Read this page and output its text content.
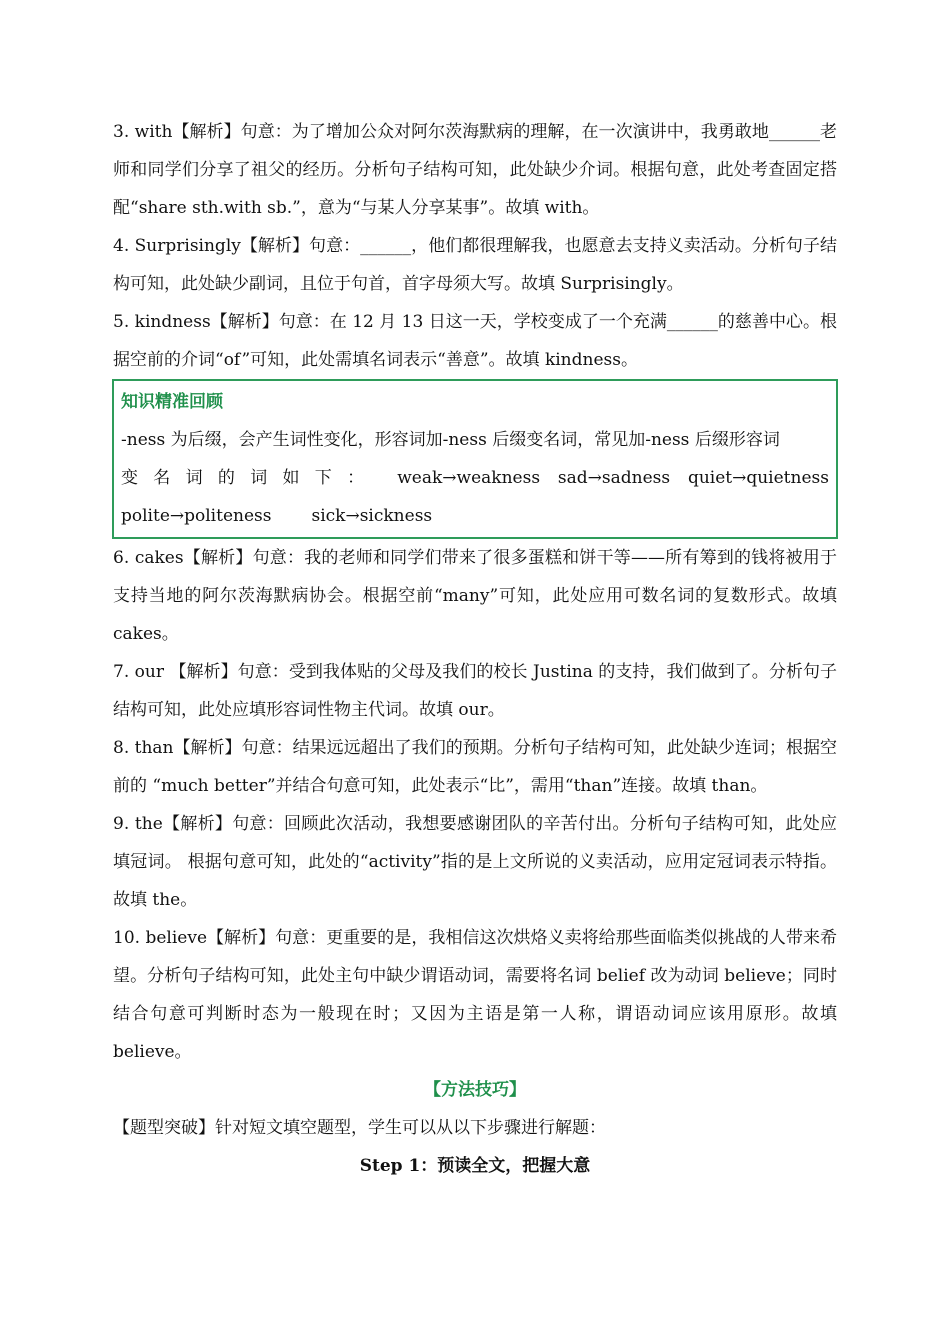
3. with【解析】句意：为了增加公众对阿尔茨海默病的理解，在一次演讲中，我勇敢地______老师和同学们分享了祖父的经历。分析句子结构可知，此处缺少介词。根据句意，此处考查固定搭配“share sth.with sb.”，意为“与某人分享某事”。故填 with。

4. Surprisingly【解析】句意：______，他们都很理解我，也愿意去支持义卖活动。分析句子结构可知，此处缺少副词，且位于句首，首字母须大写。故填 Surprisingly。

5. kindness【解析】句意：在 12 月 13 日这一天，学校变成了一个充满______的慈善中心。根据空前的介词“of”可知，此处需填名词表示“善意”。故填 kindness。

知识精准回顾
-ness 为后缀，会产生词性变化，形容词加-ness 后缀变名词，常见加-ness 后缀形容词
变名词的词如下： weak→weakness sad→sadness quiet→quietness
polite→politeness sick→sickness

6. cakes【解析】句意：我的老师和同学们带来了很多蛋糕和饼干等——所有筹到的钱将被用于支持当地的阿尔茨海默病协会。根据空前“many”可知，此处应用可数名词的复数形式。故填 cakes。

7. our 【解析】句意：受到我体贴的父母及我们的校长 Justina 的支持，我们做到了。分析句子结构可知，此处应填形容词性物主代词。故填 our。

8. than【解析】句意：结果远远超出了我们的预期。分析句子结构可知，此处缺少连词；根据空前的 “much better”并结合句意可知，此处表示“比”，需用“than”连接。故填 than。

9. the【解析】句意：回顾此次活动，我想要感谢团队的辛苦付出。分析句子结构可知，此处应填冠词。 根据句意可知，此处的“activity”指的是上文所说的义卖活动，应用定冠词表示特指。故填 the。

10. believe【解析】句意：更重要的是，我相信这次烘烙义卖将给那些面临类似挑战的人带来希望。分析句子结构可知，此处主句中缺少谓语动词，需要将名词 belief 改为动词 believe；同时结合句意可判断时态为一般现在时；又因为主语是第一人称，谓语动词应该用原形。故填 believe。

【方法技巧】

【题型突破】针对短文填空题型，学生可以从以下步骤进行解题：

Step 1：预读全文，把握大意
